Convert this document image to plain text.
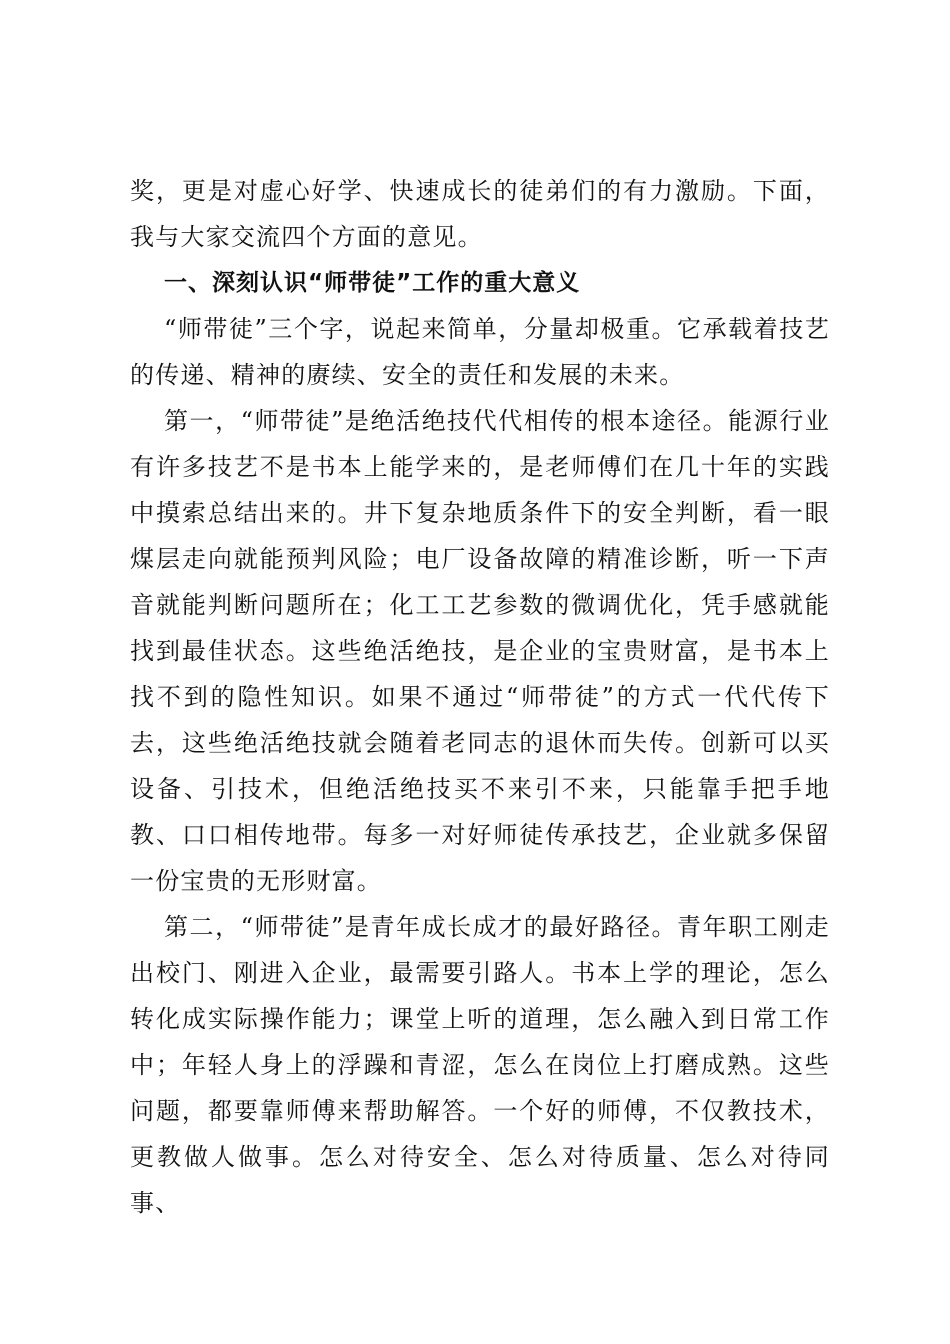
奖，更是对虚心好学、快速成长的徒弟们的有力激励。下面，我与大家交流四个方面的意见。

一、深刻认识“师带徒”工作的重大意义

“师带徒”三个字，说起来简单，分量却极重。它承载着技艺的传递、精神的赓续、安全的责任和发展的未来。

第一，“师带徒”是绝活绝技代代相传的根本途径。能源行业有许多技艺不是书本上能学来的，是老师傅们在几十年的实践中摸索总结出来的。井下复杂地质条件下的安全判断，看一眼煤层走向就能预判风险；电厂设备故障的精准诊断，听一下声音就能判断问题所在；化工工艺参数的微调优化，凭手感就能找到最佳状态。这些绝活绝技，是企业的宝贵财富，是书本上找不到的隐性知识。如果不通过“师带徒”的方式一代代传下去，这些绝活绝技就会随着老同志的退休而失传。创新可以买设备、引技术，但绝活绝技买不来引不来，只能靠手把手地教、口口相传地带。每多一对好师徒传承技艺，企业就多保留一份宝贵的无形财富。

第二，“师带徒”是青年成长成才的最好路径。青年职工刚走出校门、刚进入企业，最需要引路人。书本上学的理论，怎么转化成实际操作能力；课堂上听的道理，怎么融入到日常工作中；年轻人身上的浮躁和青涩，怎么在岗位上打磨成熟。这些问题，都要靠师傅来帮助解答。一个好的师傅，不仅教技术，更教做人做事。怎么对待安全、怎么对待质量、怎么对待同事、
